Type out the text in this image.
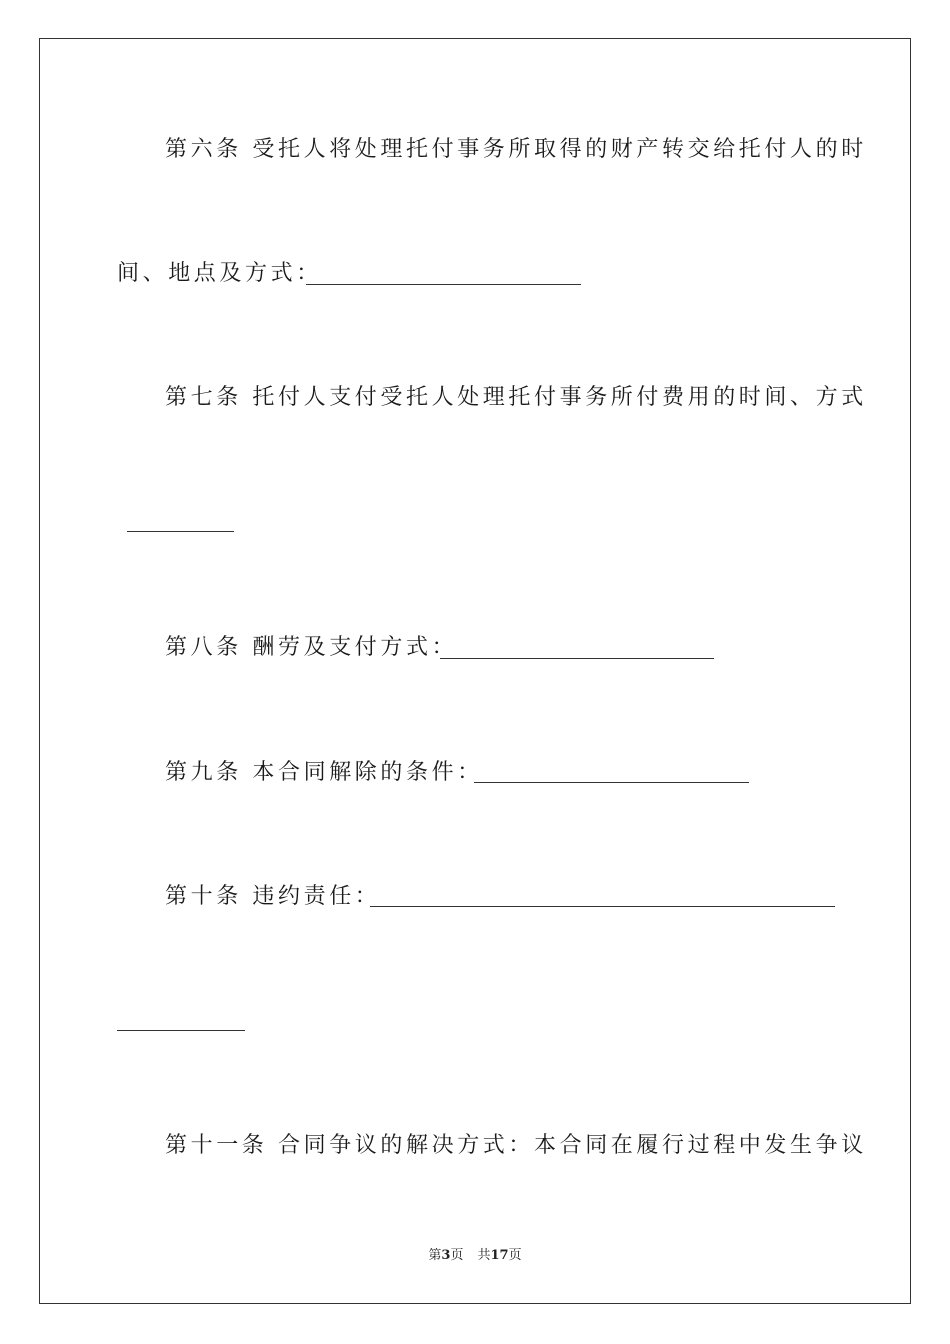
第六条 受托人将处理托付事务所取得的财产转交给托付人的时
间、地点及方式：
第七条 托付人支付受托人处理托付事务所付费用的时间、方式
第八条 酬劳及支付方式：
第九条 本合同解除的条件：
第十条 违约责任：
第十一条 合同争议的解决方式：本合同在履行过程中发生争议
第3页 共17页
